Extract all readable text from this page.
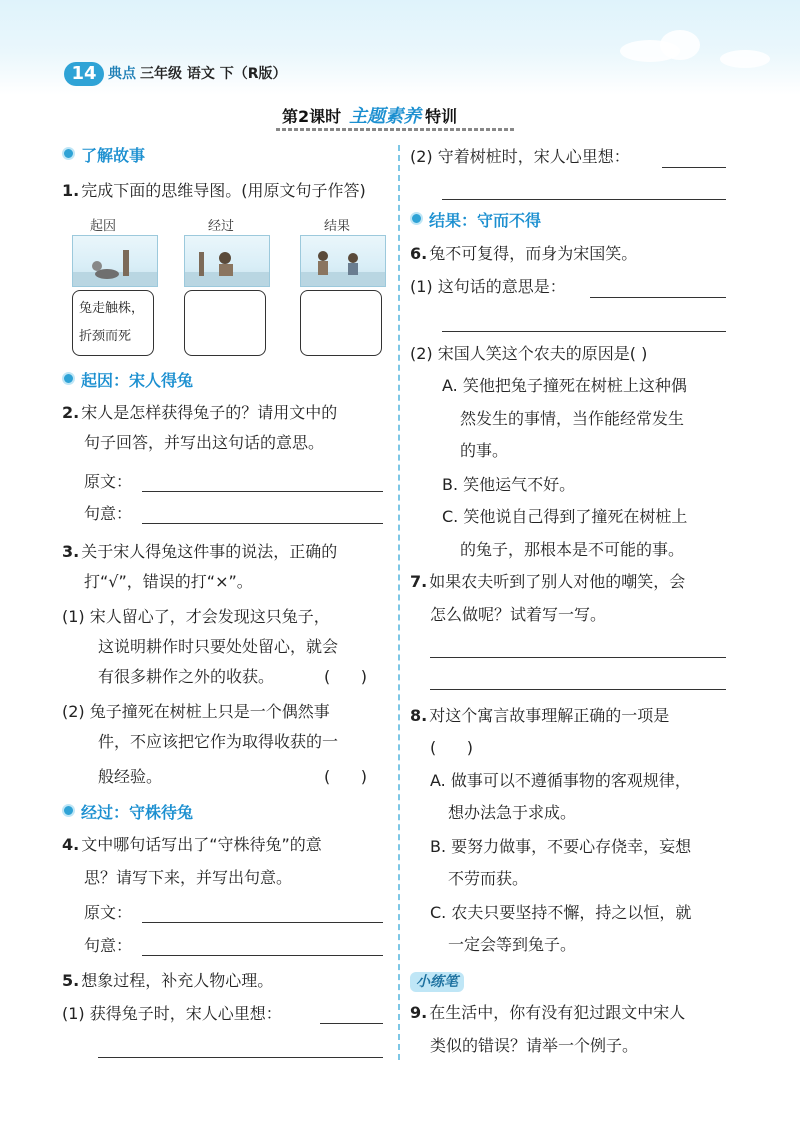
14 典点 三年级 语文 下（R版）
第2课时 主题素养 特训
了解故事
1. 完成下面的思维导图。(用原文句子作答)
起因	经过	结果
兔走触株，
折颈而死
起因：宋人得兔
2. 宋人是怎样获得兔子的？请用文中的
句子回答，并写出这句话的意思。
原文：
句意：
3. 关于宋人得兔这件事的说法，正确的
打“√”，错误的打“×”。
(1) 宋人留心了，才会发现这只兔子，
这说明耕作时只要处处留心，就会
有很多耕作之外的收获。	(      )
(2) 兔子撞死在树桩上只是一个偶然事
件，不应该把它作为取得收获的一
般经验。	(      )
经过：守株待兔
4. 文中哪句话写出了“守株待兔”的意
思？请写下来，并写出句意。
原文：
句意：
5. 想象过程，补充人物心理。
(1) 获得兔子时，宋人心里想：
(2) 守着树桩时，宋人心里想：
结果：守而不得
6. 兔不可复得，而身为宋国笑。
(1) 这句话的意思是：
(2) 宋国人笑这个农夫的原因是( )
A. 笑他把兔子撞死在树桩上这种偶
然发生的事情，当作能经常发生
的事。
B. 笑他运气不好。
C. 笑他说自己得到了撞死在树桩上
的兔子，那根本是不可能的事。
7. 如果农夫听到了别人对他的嘲笑，会
怎么做呢？试着写一写。
8. 对这个寓言故事理解正确的一项是
(      )
A. 做事可以不遵循事物的客观规律，
想办法急于求成。
B. 要努力做事，不要心存侥幸，妄想
不劳而获。
C. 农夫只要坚持不懈，持之以恒，就
一定会等到兔子。
小练笔
9. 在生活中，你有没有犯过跟文中宋人
类似的错误？请举一个例子。
